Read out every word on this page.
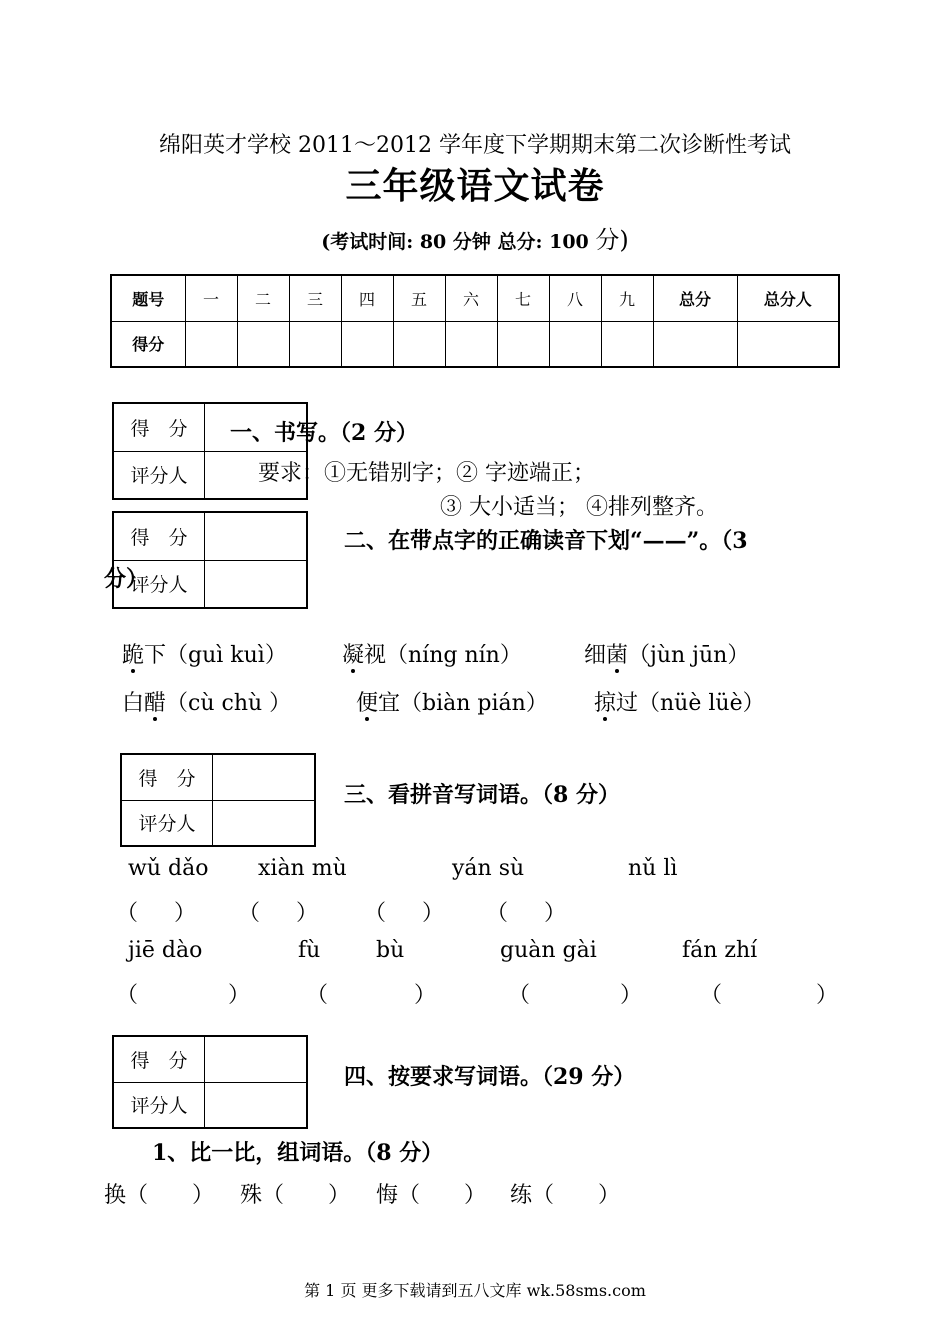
绵阳英才学校 2011～2012 学年度下学期期末第二次诊断性考试
三年级语文试卷
(考试时间: 80 分钟 总分: 100 分)
题号	一	二	三	四	五	六	七	八	九	总分	总分人
得分											
得　分	
评分人	
一、书写。（2 分）
要求：①无错别字；② 字迹端正；
③ 大小适当； ④排列整齐。
得　分	
评分人	
二、在带点字的正确读音下划“——”。（3
分）
跪下（guì kuì）	凝视（níng nín）	细菌（jùn jūn）
白醋（cù chù ）	便宜（biàn pián） 掠过（nüè lüè）
得　分	
评分人	
三、看拼音写词语。（8 分）
wǔ dǎo xiàn mù	yán sù	nǔ lì
（ ） （ ） （ ） （ ）
jiē dào	fù	bù	guàn gài	fán zhí
（	）	（	）	（	）	（	）
得　分	
评分人	
四、按要求写词语。（29 分）
1、比一比，组词语。（8 分）
换（　　） 殊（　　） 悔（　　） 练（　　）
第 1 页 更多下载请到五八文库 wk.58sms.com
